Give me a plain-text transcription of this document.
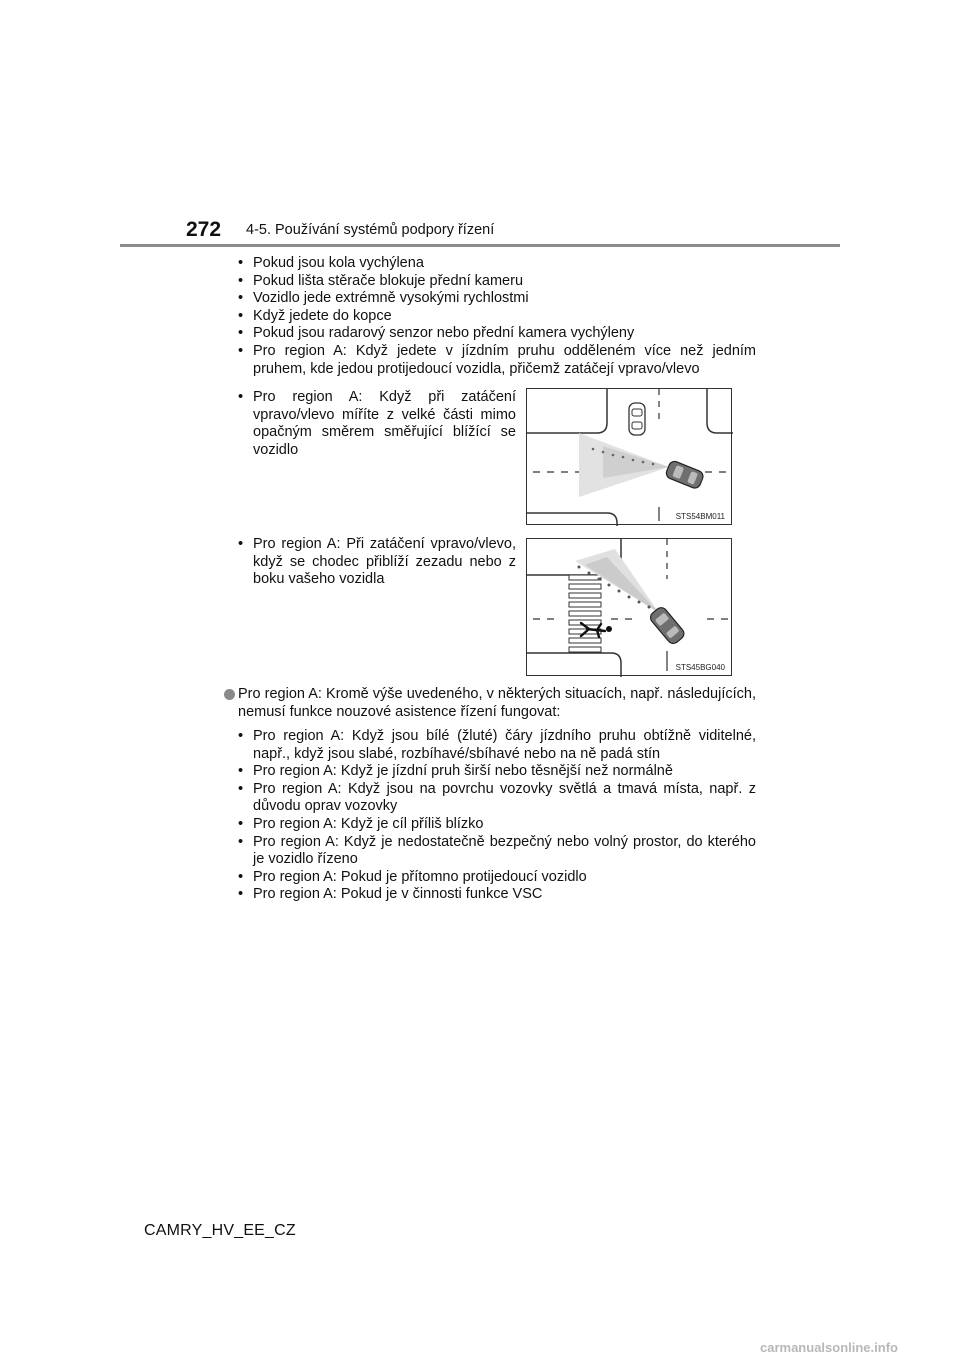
272 4-5. Používání systémů podpory řízení
• Pokud jsou kola vychýlena
• Pokud lišta stěrače blokuje přední kameru
• Vozidlo jede extrémně vysokými rychlostmi
• Když jedete do kopce
• Pokud jsou radarový senzor nebo přední kamera vychýleny
• Pro region A: Když jedete v jízdním pruhu odděleném více než jedním pruhem, kde jedou protijedoucí vozidla, přičemž zatáčejí vpravo/vlevo
• Pro region A: Když při zatáčení vpravo/vlevo míříte z velké části mimo opačným směrem směřující blížící se vozidlo
STS54BM011
• Pro region A: Při zatáčení vpravo/vlevo, když se chodec přiblíží zezadu nebo z boku vašeho vozidla
STS45BG040
Pro region A: Kromě výše uvedeného, v některých situacích, např. následujících, nemusí funkce nouzové asistence řízení fungovat:
• Pro region A: Když jsou bílé (žluté) čáry jízdního pruhu obtížně viditelné, např., když jsou slabé, rozbíhavé/sbíhavé nebo na ně padá stín
• Pro region A: Když je jízdní pruh širší nebo těsnější než normálně
• Pro region A: Když jsou na povrchu vozovky světlá a tmavá místa, např. z důvodu oprav vozovky
• Pro region A: Když je cíl příliš blízko
• Pro region A: Když je nedostatečně bezpečný nebo volný prostor, do kterého je vozidlo řízeno
• Pro region A: Pokud je přítomno protijedoucí vozidlo
• Pro region A: Pokud je v činnosti funkce VSC
CAMRY_HV_EE_CZ
carmanualsonline.info
